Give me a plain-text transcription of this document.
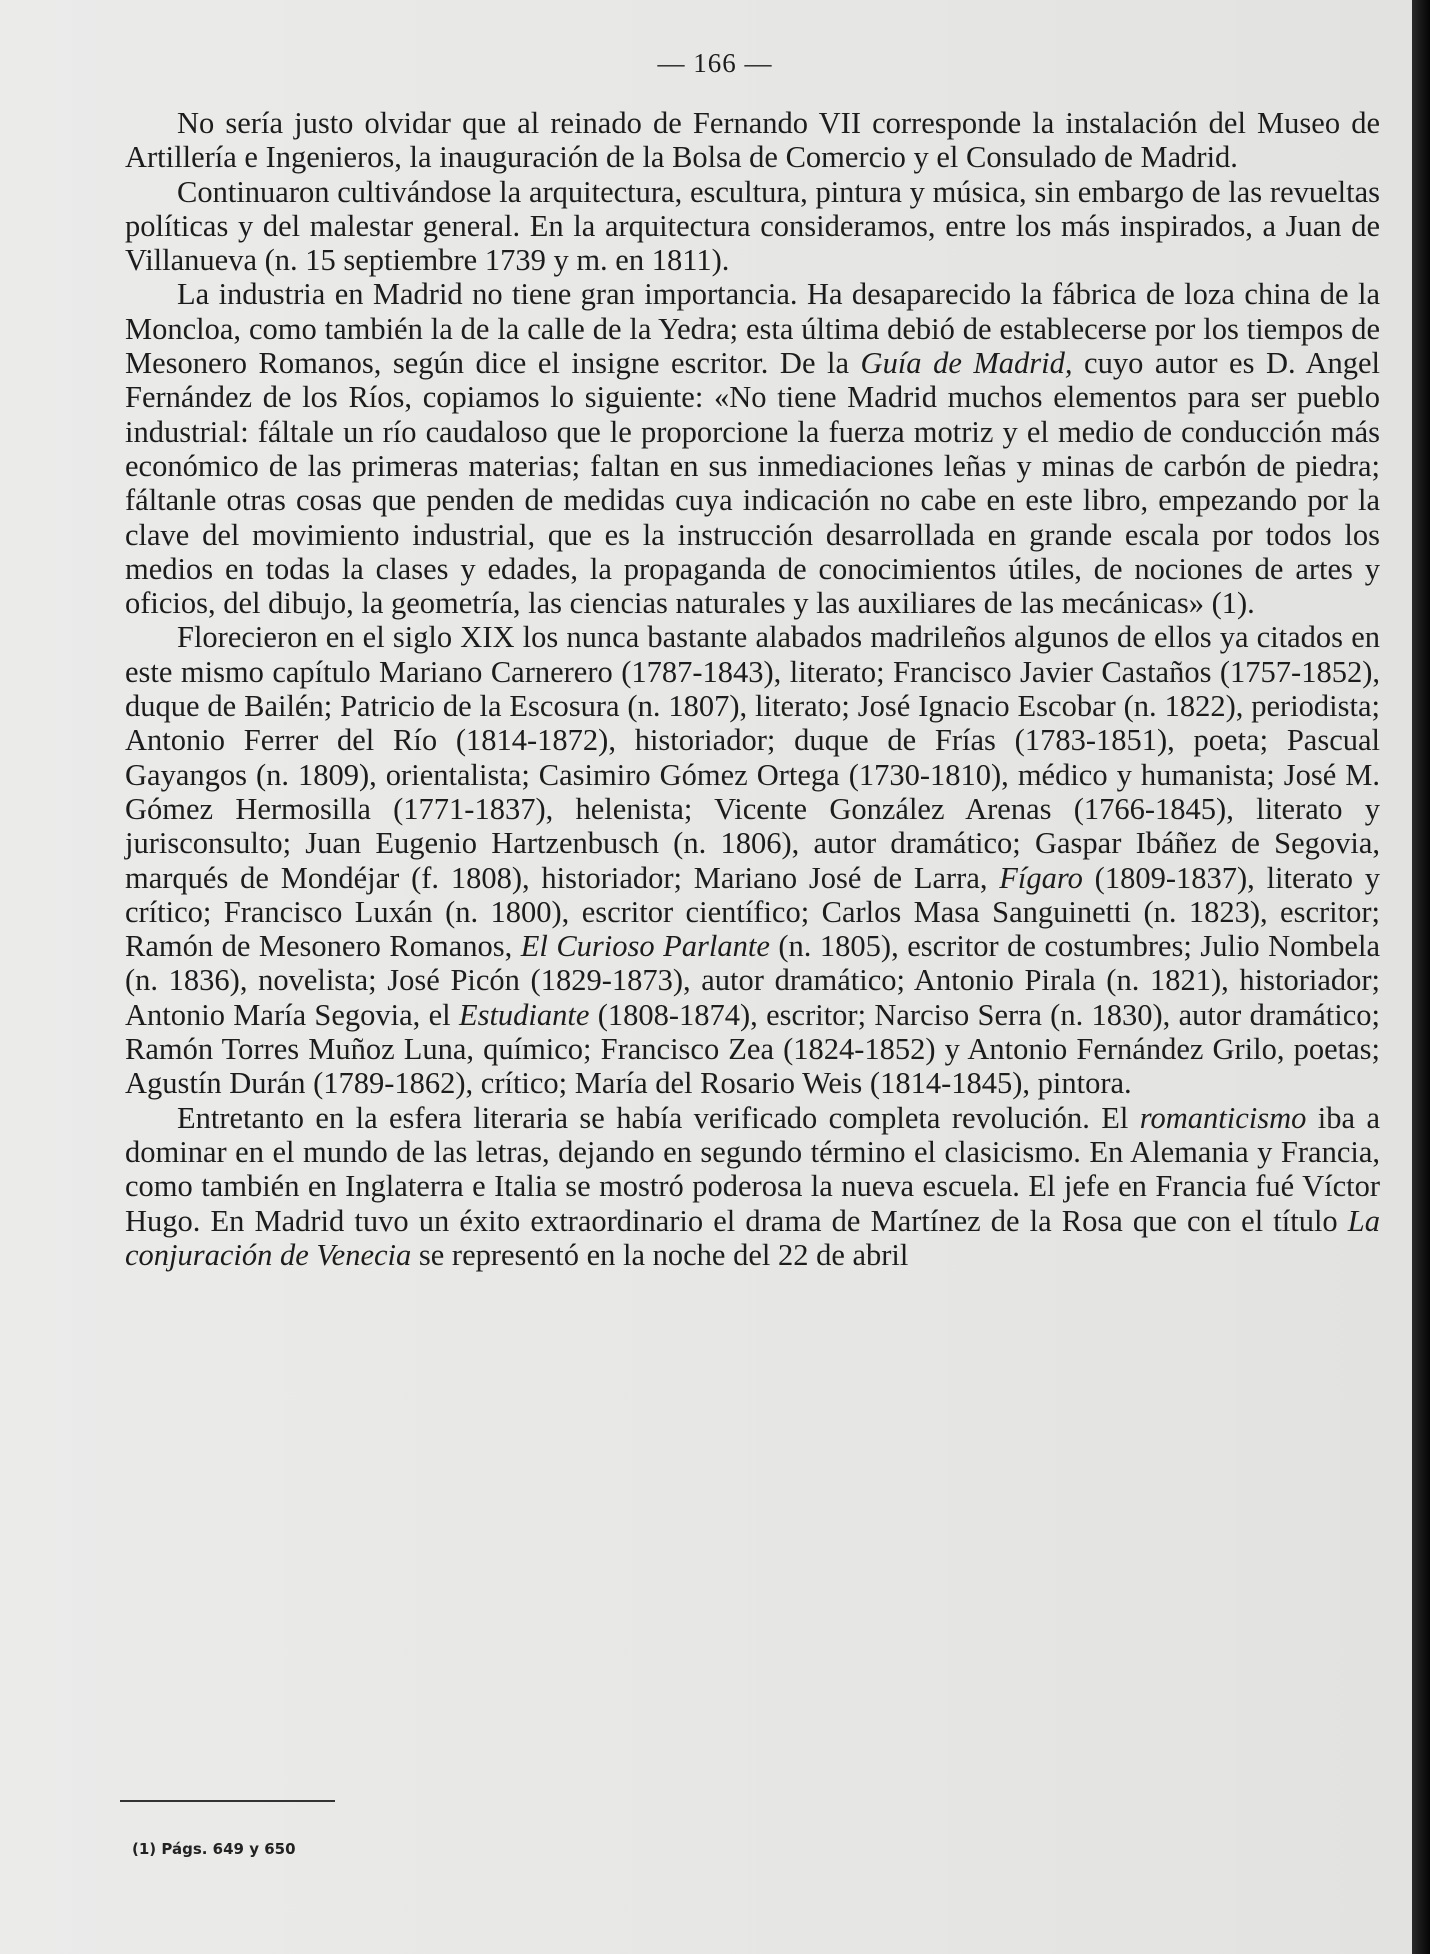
— 166 —

No sería justo olvidar que al reinado de Fernando VII corresponde la instalación del Museo de Artillería e Ingenieros, la inauguración de la Bolsa de Comercio y el Consulado de Madrid.

Continuaron cultivándose la arquitectura, escultura, pintura y música, sin embargo de las revueltas políticas y del malestar general. En la arquitectura consideramos, entre los más inspirados, a Juan de Villanueva (n. 15 septiembre 1739 y m. en 1811).

La industria en Madrid no tiene gran importancia. Ha desaparecido la fábrica de loza china de la Moncloa, como también la de la calle de la Yedra; esta última debió de establecerse por los tiempos de Mesonero Romanos, según dice el insigne escritor. De la Guía de Madrid, cuyo autor es D. Angel Fernández de los Ríos, copiamos lo siguiente: «No tiene Madrid muchos elementos para ser pueblo industrial: fáltale un río caudaloso que le proporcione la fuerza motriz y el medio de conducción más económico de las primeras materias; faltan en sus inmediaciones leñas y minas de carbón de piedra; fáltanle otras cosas que penden de medidas cuya indicación no cabe en este libro, empezando por la clave del movimiento industrial, que es la instrucción desarrollada en grande escala por todos los medios en todas la clases y edades, la propaganda de conocimientos útiles, de nociones de artes y oficios, del dibujo, la geometría, las ciencias naturales y las auxiliares de las mecánicas» (1).

Florecieron en el siglo XIX los nunca bastante alabados madrileños algunos de ellos ya citados en este mismo capítulo Mariano Carnerero (1787-1843), literato; Francisco Javier Castaños (1757-1852), duque de Bailén; Patricio de la Escosura (n. 1807), literato; José Ignacio Escobar (n. 1822), periodista; Antonio Ferrer del Río (1814-1872), historiador; duque de Frías (1783-1851), poeta; Pascual Gayangos (n. 1809), orientalista; Casimiro Gómez Ortega (1730-1810), médico y humanista; José M. Gómez Hermosilla (1771-1837), helenista; Vicente González Arenas (1766-1845), literato y jurisconsulto; Juan Eugenio Hartzenbusch (n. 1806), autor dramático; Gaspar Ibáñez de Segovia, marqués de Mondéjar (f. 1808), historiador; Mariano José de Larra, Fígaro (1809-1837), literato y crítico; Francisco Luxán (n. 1800), escritor científico; Carlos Masa Sanguinetti (n. 1823), escritor; Ramón de Mesonero Romanos, El Curioso Parlante (n. 1805), escritor de costumbres; Julio Nombela (n. 1836), novelista; José Picón (1829-1873), autor dramático; Antonio Pirala (n. 1821), historiador; Antonio María Segovia, el Estudiante (1808-1874), escritor; Narciso Serra (n. 1830), autor dramático; Ramón Torres Muñoz Luna, químico; Francisco Zea (1824-1852) y Antonio Fernández Grilo, poetas; Agustín Durán (1789-1862), crítico; María del Rosario Weis (1814-1845), pintora.

Entretanto en la esfera literaria se había verificado completa revolución. El romanticismo iba a dominar en el mundo de las letras, dejando en segundo término el clasicismo. En Alemania y Francia, como también en Inglaterra e Italia se mostró poderosa la nueva escuela. El jefe en Francia fué Víctor Hugo. En Madrid tuvo un éxito extraordinario el drama de Martínez de la Rosa que con el título La conjuración de Venecia se representó en la noche del 22 de abril

(1) Págs. 649 y 650
